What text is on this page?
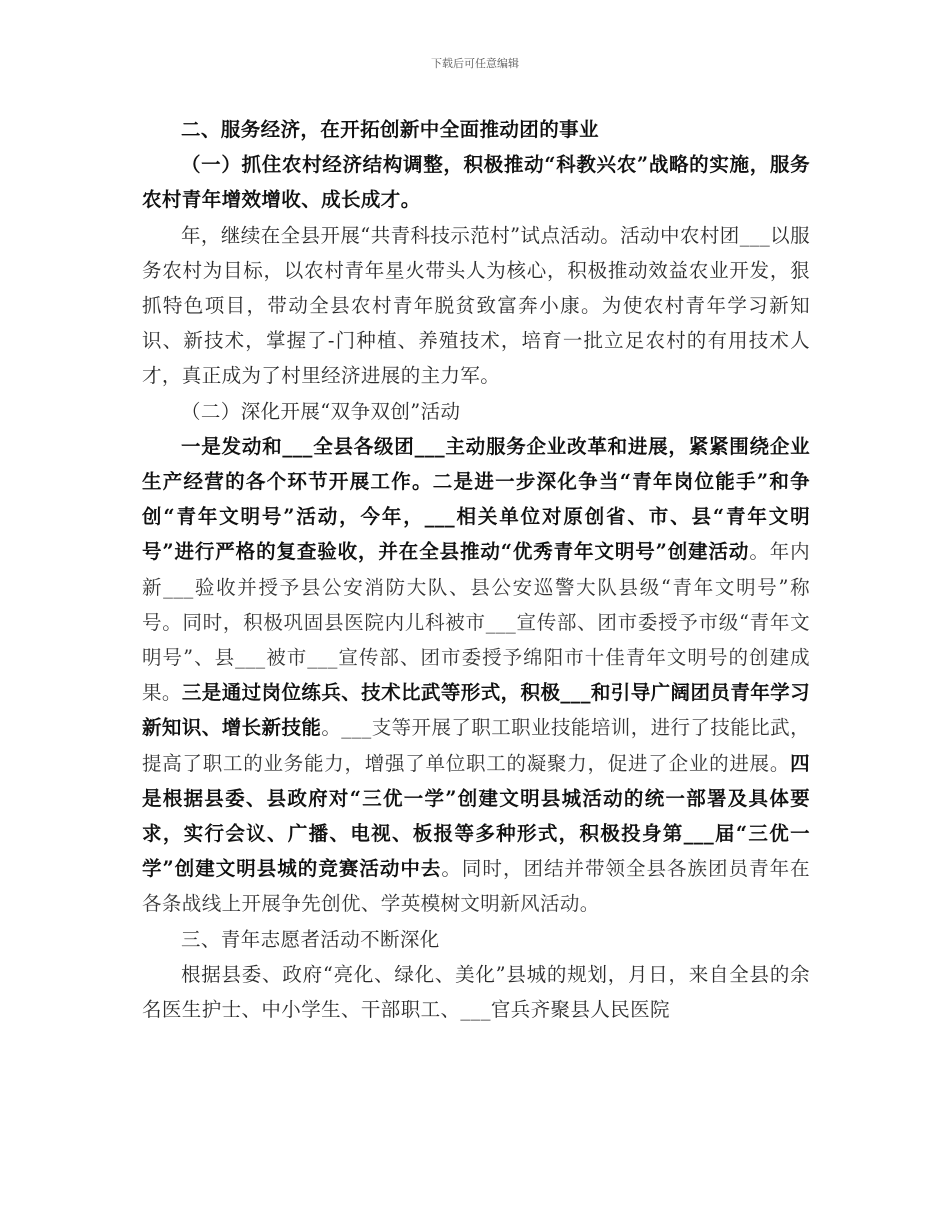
下载后可任意编辑

二、服务经济，在开拓创新中全面推动团的事业

（一）抓住农村经济结构调整，积极推动“科教兴农”战略的实施，服务农村青年增效增收、成长成才。

年，继续在全县开展“共青科技示范村”试点活动。活动中农村团___以服务农村为目标，以农村青年星火带头人为核心，积极推动效益农业开发，狠抓特色项目，带动全县农村青年脱贫致富奔小康。为使农村青年学习新知识、新技术，掌握了-门种植、养殖技术，培育一批立足农村的有用技术人才，真正成为了村里经济进展的主力军。

（二）深化开展“双争双创”活动

一是发动和___全县各级团___主动服务企业改革和进展，紧紧围绕企业生产经营的各个环节开展工作。二是进一步深化争当“青年岗位能手”和争创“青年文明号”活动，今年，___相关单位对原创省、市、县“青年文明号”进行严格的复查验收，并在全县推动“优秀青年文明号”创建活动。年内新___验收并授予县公安消防大队、县公安巡警大队县级“青年文明号”称号。同时，积极巩固县医院内儿科被市___宣传部、团市委授予市级“青年文明号”、县___被市___宣传部、团市委授予绵阳市十佳青年文明号的创建成果。三是通过岗位练兵、技术比武等形式，积极___和引导广阔团员青年学习新知识、增长新技能。___支等开展了职工职业技能培训，进行了技能比武，提高了职工的业务能力，增强了单位职工的凝聚力，促进了企业的进展。四是根据县委、县政府对“三优一学”创建文明县城活动的统一部署及具体要求，实行会议、广播、电视、板报等多种形式，积极投身第___届“三优一学”创建文明县城的竞赛活动中去。同时，团结并带领全县各族团员青年在各条战线上开展争先创优、学英模树文明新风活动。

三、青年志愿者活动不断深化

根据县委、政府“亮化、绿化、美化”县城的规划，月日，来自全县的余名医生护士、中小学生、干部职工、___官兵齐聚县人民医院
